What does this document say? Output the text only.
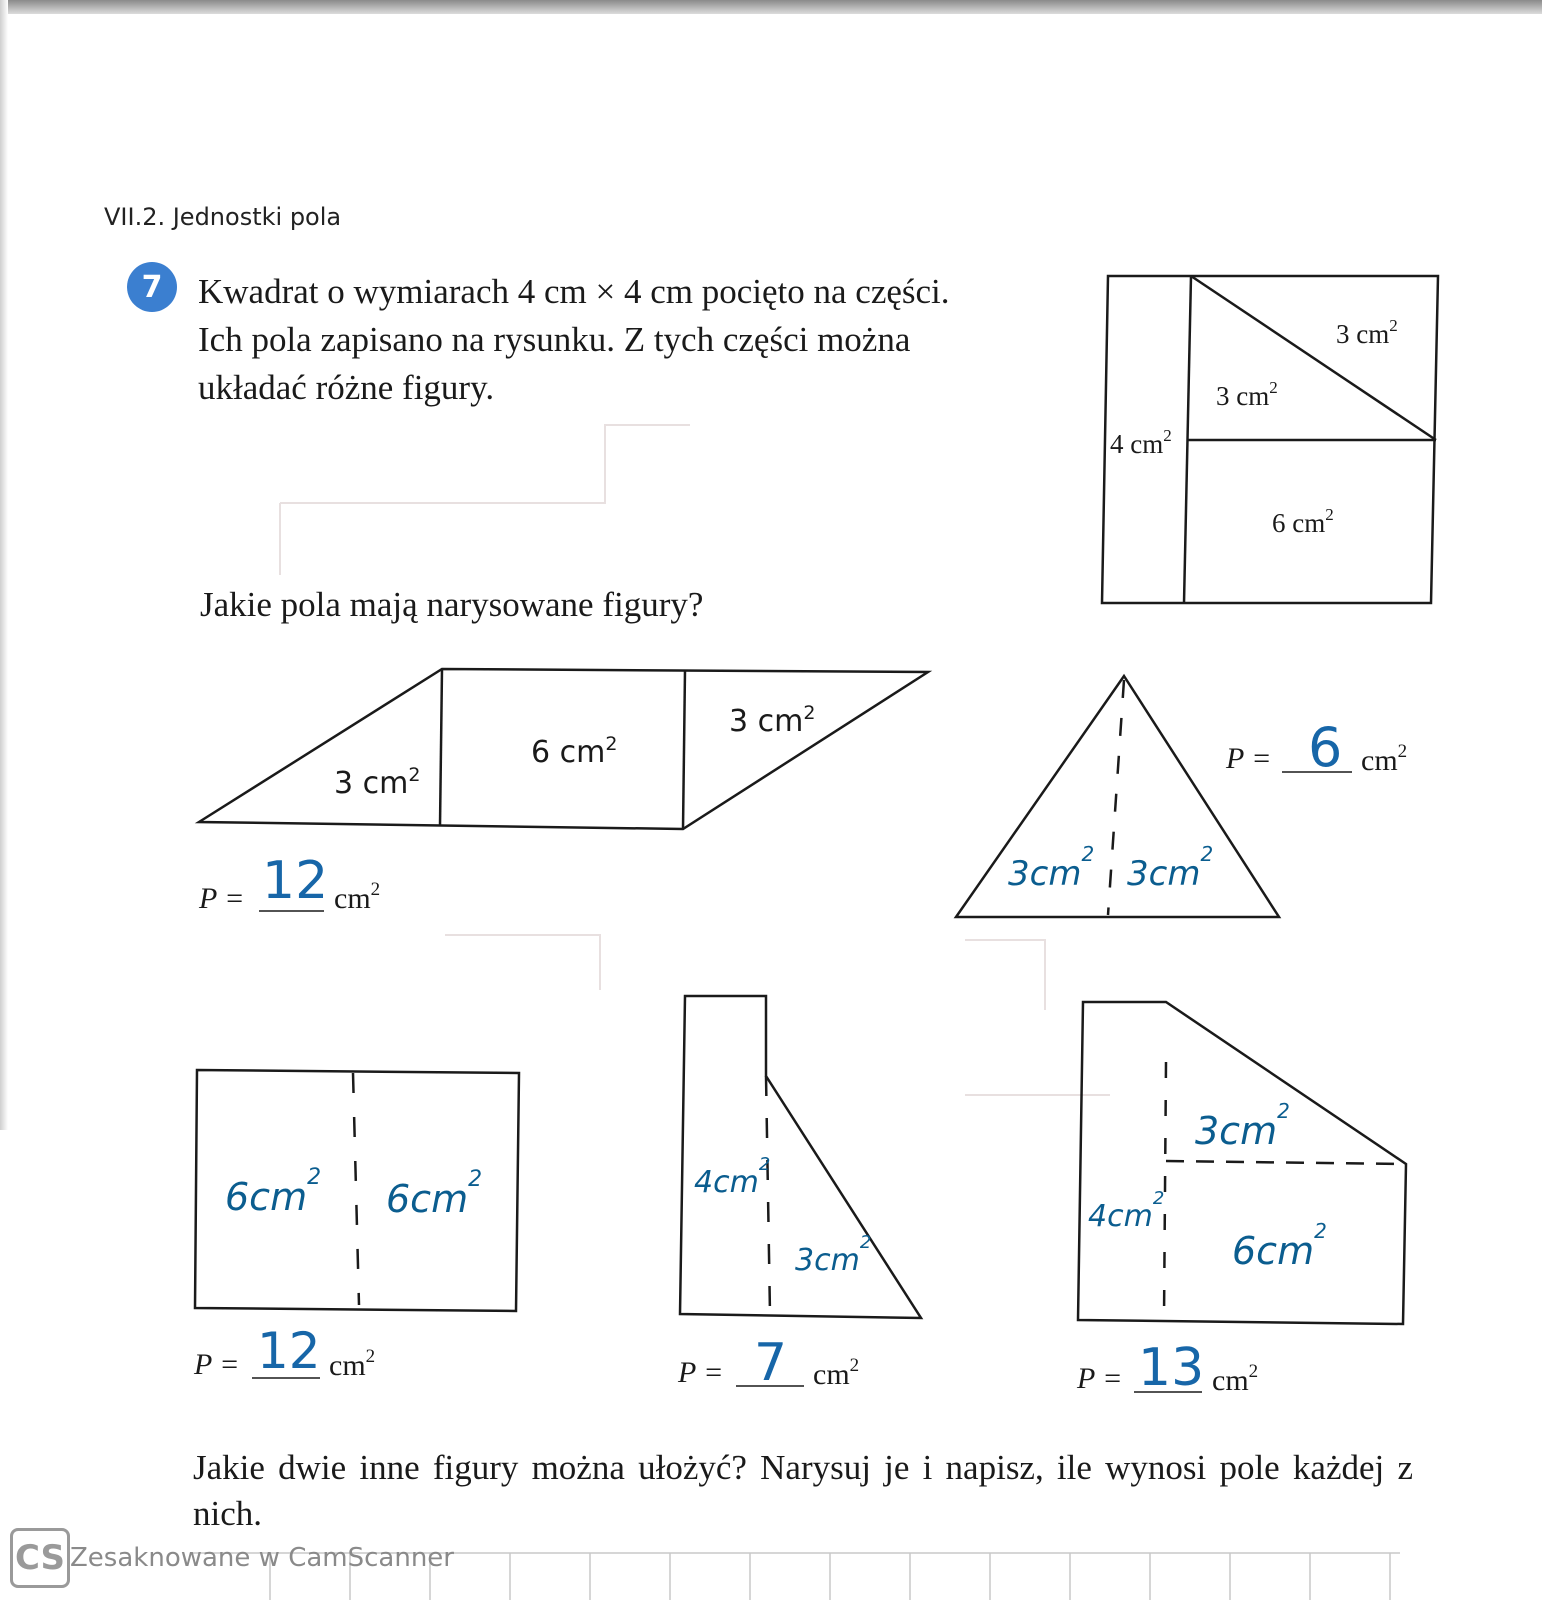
VII.2. Jednostki pola
7	Kwadrat o wymiarach 4 cm × 4 cm pocięto na części.
Ich pola zapisano na rysunku. Z tych części można
układać różne figury.
Jakie pola mają narysowane figury?
4 $cm^2$
3 $cm^2$
3 $cm^2$
6 $cm^2$
3 $cm^2$
6 $cm^2$
3 $cm^2$
P = 12 $cm^2$	$3cm^2$ $3cm^2$
P = 6 $cm^2$
$6cm^2$ $6cm^2$
P = 12 $cm^2$
$4cm^2$
$3cm^2$
P = 7 $cm^2$
$4cm^2$
$3cm^2$
$6cm^2$
P = 13 $cm^2$
Jakie dwie inne figury można ułożyć? Narysuj je i napisz, ile wynosi pole każdej z nich.
CS Zesaknowane w CamScanner
